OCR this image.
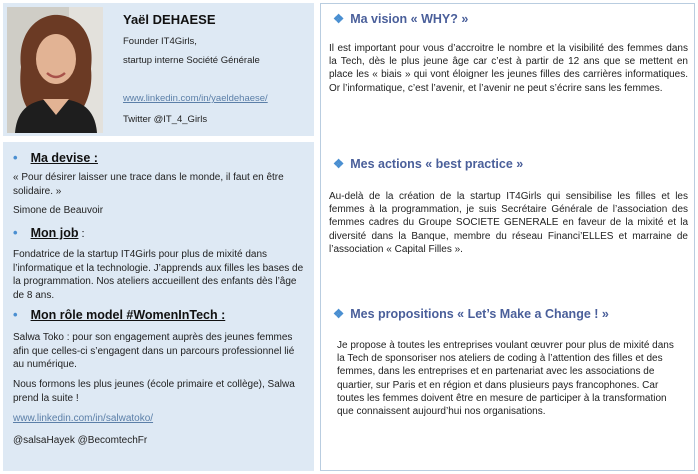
Yaël DEHAESE
Founder IT4Girls,
startup interne Société Générale
www.linkedin.com/in/yaeldehaese/
Twitter @IT_4_Girls
• Ma devise :
« Pour désirer laisser une trace dans le monde, il faut en être solidaire. »
Simone de Beauvoir
• Mon job :
Fondatrice de la startup IT4Girls pour plus de mixité dans l’informatique et la technologie. J’apprends aux filles les bases de la programmation. Nos ateliers accueillent des enfants dès l’âge de 8 ans.
• Mon rôle model #WomenInTech :
Salwa Toko : pour son engagement auprès des jeunes femmes afin que celles-ci s’engagent dans un parcours professionnel lié au numérique.
Nous formons les plus jeunes (école primaire et collège), Salwa prend la suite !
www.linkedin.com/in/salwatoko/
@salsaHayek @BecomtechFr
❖ Ma vision « WHY? »
Il est important pour vous d’accroitre le nombre et la visibilité des femmes dans la Tech, dès le plus jeune âge car c’est à partir de 12 ans que se mettent en place les « biais » qui vont éloigner les jeunes filles des carrières informatiques. Or l’informatique, c’est l’avenir, et l’avenir ne peut s’écrire sans les femmes.
❖ Mes actions « best practice »
Au-delà de la création de la startup IT4Girls qui sensibilise les filles et les femmes à la programmation, je suis Secrétaire Générale de l’association des femmes cadres du Groupe SOCIETE GENERALE en faveur de la mixité et la diversité dans la Banque, membre du réseau Financi’ELLES et marraine de l’association « Capital Filles ».
❖ Mes propositions « Let’s Make a Change ! »
Je propose à toutes les entreprises voulant œuvrer pour plus de mixité dans la Tech de sponsoriser nos ateliers de coding à l’attention des filles et des femmes, dans les entreprises et en partenariat avec les associations de quartier, sur Paris et en région et dans plusieurs pays francophones. Car toutes les femmes doivent être en mesure de participer à la transformation que connaissent aujourd’hui nos organisations.
